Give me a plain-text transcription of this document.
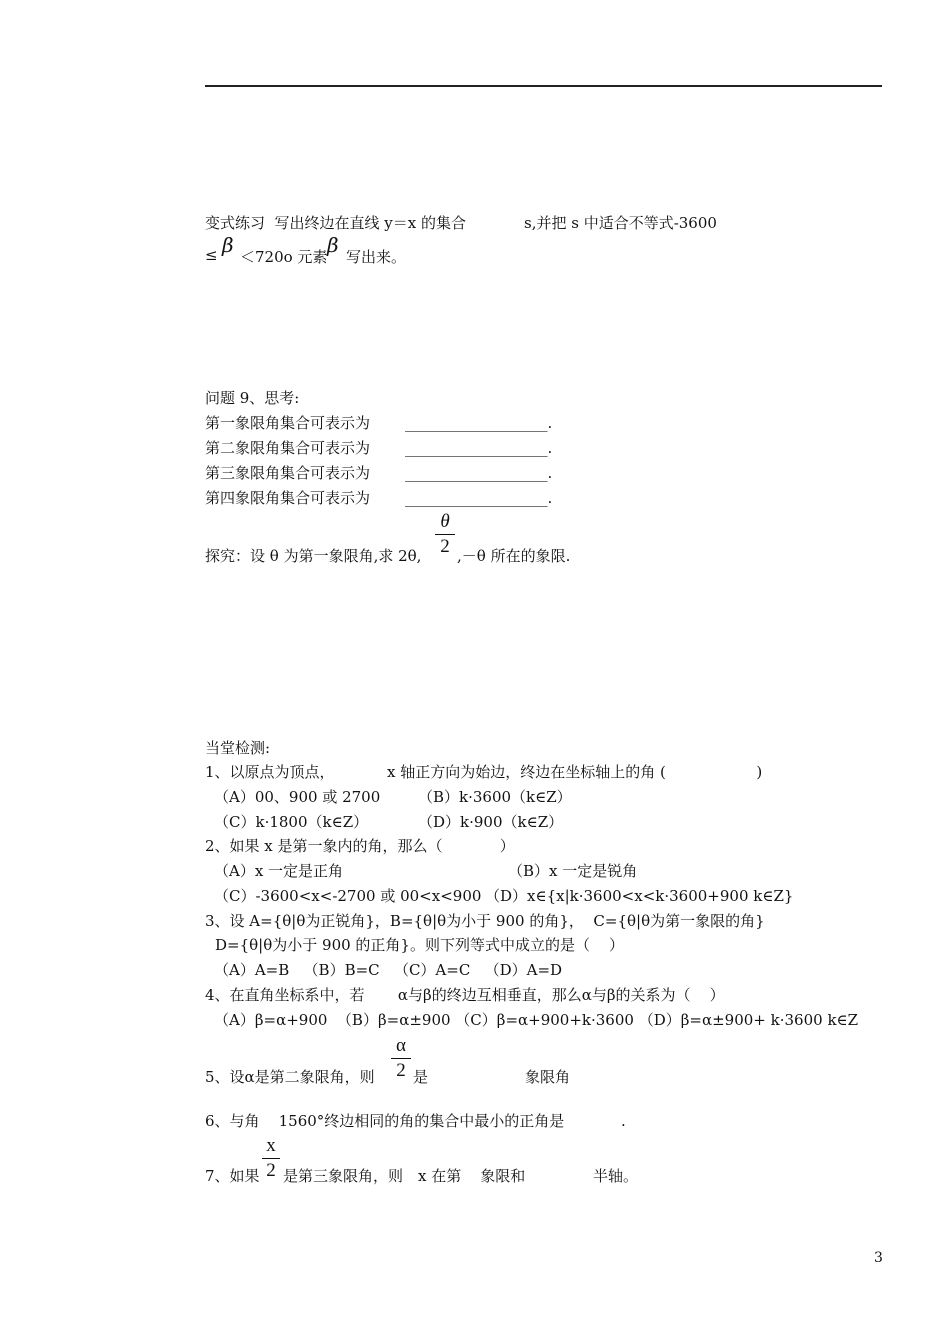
变式练习  写出终边在直线 y＝x 的集合	s,并把 s 中适合不等式-3600
≤ β ＜720o 元素 β 写出来。
问题 9、思考:
第一象限角集合可表示为 ___________________.
第二象限角集合可表示为 ___________________.
第三象限角集合可表示为 ___________________.
第四象限角集合可表示为 ___________________.
θ
2
探究：设 θ 为第一象限角,求 2θ, ,－θ 所在的象限.
当堂检测:
1、以原点为顶点，           x 轴正方向为始边，终边在坐标轴上的角 (                   )
（A）00、900 或 2700	（B）k·3600（k∈Z）
（C）k·1800（k∈Z）	（D）k·900（k∈Z）
2、如果 x 是第一象内的角，那么（            ）
（A）x 一定是正角	（B）x 一定是锐角
（C）-3600<x<-2700 或 00<x<900 （D）x∈{x|k·3600<x<k·3600+900 k∈Z}
3、设 A={θ|θ为正锐角}，B={θ|θ为小于 900 的角}，  C={θ|θ为第一象限的角}
D={θ|θ为小于 900 的正角}。则下列等式中成立的是（    ）
（A）A=B   （B）B=C   （C）A=C   （D）A=D
4、在直角坐标系中，若       α与β的终边互相垂直，那么α与β的关系为（    ）
（A）β=α+900  （B）β=α±900 （C）β=α+900+k·3600 （D）β=α±900+ k·3600 k∈Z
α
2
5、设α是第二象限角，则	是	象限角
6、与角    1560°终边相同的角的集合中最小的正角是	.
x
2
7、如果 是第三象限角，则 x 在第    象限和	半轴。
3
